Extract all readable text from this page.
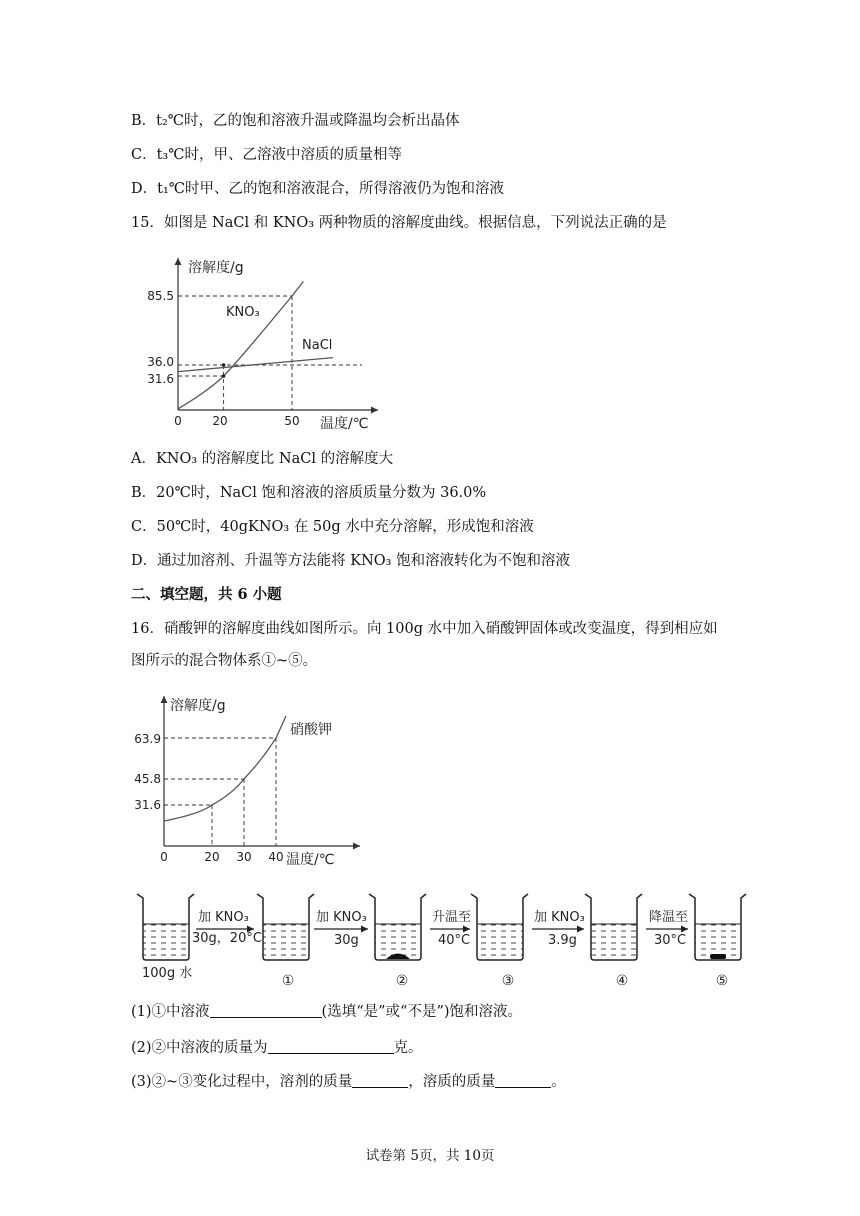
B．t₂℃时，乙的饱和溶液升温或降温均会析出晶体
C．t₃℃时，甲、乙溶液中溶质的质量相等
D．t₁℃时甲、乙的饱和溶液混合，所得溶液仍为饱和溶液
15．如图是 NaCl 和 KNO₃ 两种物质的溶解度曲线。根据信息，下列说法正确的是
溶解度/g
温度/℃
85.5
36.0
31.6
0	20	50
KNO₃
NaCl
A．KNO₃ 的溶解度比 NaCl 的溶解度大
B．20℃时，NaCl 饱和溶液的溶质质量分数为 36.0%
C．50℃时，40gKNO₃ 在 50g 水中充分溶解，形成饱和溶液
D．通过加溶剂、升温等方法能将 KNO₃ 饱和溶液转化为不饱和溶液
二、填空题，共 6 小题
16．硝酸钾的溶解度曲线如图所示。向 100g 水中加入硝酸钾固体或改变温度，得到相应如
图所示的混合物体系①~⑤。
溶解度/g
温度/℃
63.9
45.8
31.6
0	20 30 40
硝酸钾
100g 水
加 KNO₃
30g，20°C
加 KNO₃
30g
升温至
40°C
加 KNO₃
3.9g
降温至
30°C
①	②	③	④	⑤
(1)①中溶液	(选填“是”或“不是”)饱和溶液。
(2)②中溶液的质量为	克。
(3)②~③变化过程中，溶剂的质量	，溶质的质量	。
试卷第 5页，共 10页
